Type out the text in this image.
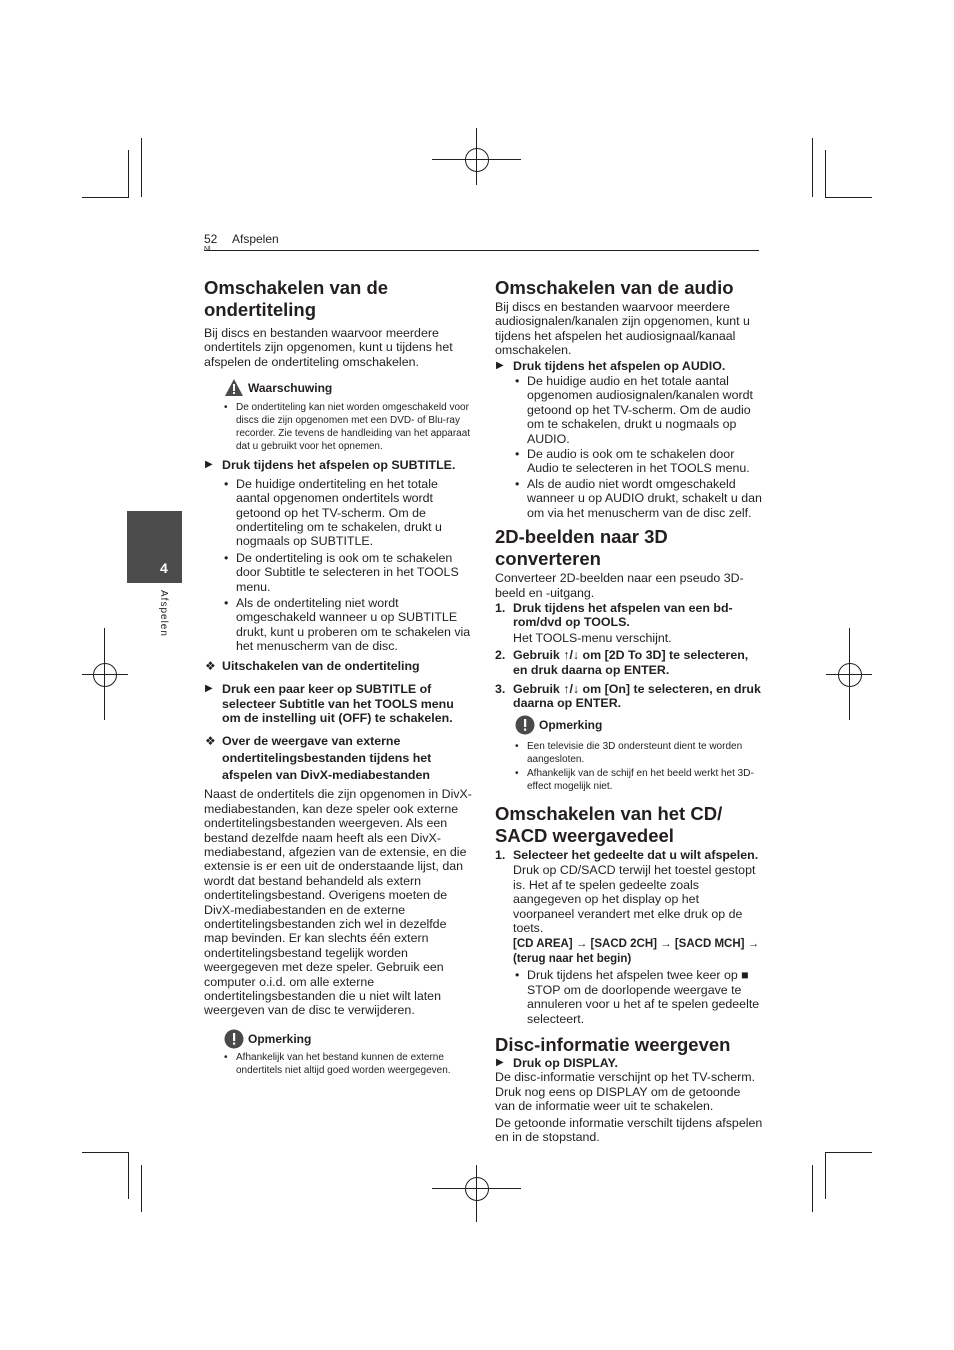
52 Afspelen
4
Afspelen
Omschakelen van de ondertiteling

Bij discs en bestanden waarvoor meerdere ondertitels zijn opgenomen, kunt u tijdens het afspelen de ondertiteling omschakelen.

Waarschuwing
• De ondertiteling kan niet worden omgeschakeld voor discs die zijn opgenomen met een DVD- of Blu-ray recorder. Zie tevens de handleiding van het apparaat dat u gebruikt voor het opnemen.

▶ Druk tijdens het afspelen op SUBTITLE.

• De huidige ondertiteling en het totale aantal opgenomen ondertitels wordt getoond op het TV-scherm. Om de ondertiteling om te schakelen, drukt u nogmaals op SUBTITLE.
• De ondertiteling is ook om te schakelen door Subtitle te selecteren in het TOOLS menu.
• Als de ondertiteling niet wordt omgeschakeld wanneer u op SUBTITLE drukt, kunt u proberen om te schakelen via het menuscherm van de disc.

❖ Uitschakelen van de ondertiteling

▶ Druk een paar keer op SUBTITLE of selecteer Subtitle van het TOOLS menu om de instelling uit (OFF) te schakelen.

❖ Over de weergave van externe ondertitelingsbestanden tijdens het afspelen van DivX-mediabestanden

Naast de ondertitels die zijn opgenomen in DivX-mediabestanden, kan deze speler ook externe ondertitelingsbestanden weergeven. Als een bestand dezelfde naam heeft als een DivX-mediabestand, afgezien van de extensie, en die extensie is er een uit de onderstaande lijst, dan wordt dat bestand behandeld als extern ondertitelingsbestand. Overigens moeten de DivX-mediabestanden en de externe ondertitelingsbestanden zich wel in dezelfde map bevinden. Er kan slechts één extern ondertitelingsbestand tegelijk worden weergegeven met deze speler. Gebruik een computer o.i.d. om alle externe ondertitelingsbestanden die u niet wilt laten weergeven van de disc te verwijderen.

Opmerking
• Afhankelijk van het bestand kunnen de externe ondertitels niet altijd goed worden weergegeven.
Omschakelen van de audio

Bij discs en bestanden waarvoor meerdere audiosignalen/kanalen zijn opgenomen, kunt u tijdens het afspelen het audiosignaal/kanaal omschakelen.

▶ Druk tijdens het afspelen op AUDIO.

• De huidige audio en het totale aantal opgenomen audiosignalen/kanalen wordt getoond op het TV-scherm. Om de audio om te schakelen, drukt u nogmaals op AUDIO.
• De audio is ook om te schakelen door Audio te selecteren in het TOOLS menu.
• Als de audio niet wordt omgeschakeld wanneer u op AUDIO drukt, schakelt u dan om via het menuscherm van de disc zelf.
2D-beelden naar 3D converteren

Converteer 2D-beelden naar een pseudo 3D-beeld en -uitgang.

1. Druk tijdens het afspelen van een bd-rom/dvd op TOOLS.

Het TOOLS-menu verschijnt.

2. Gebruik ↑/↓ om [2D To 3D] te selecteren, en druk daarna op ENTER.

3. Gebruik ↑/↓ om [On] te selecteren, en druk daarna op ENTER.

Opmerking
• Een televisie die 3D ondersteunt dient te worden aangesloten.
• Afhankelijk van de schijf en het beeld werkt het 3D-effect mogelijk niet.
Omschakelen van het CD/ SACD weergavedeel

1. Selecteer het gedeelte dat u wilt afspelen.

Druk op CD/SACD terwijl het toestel gestopt is. Het af te spelen gedeelte zoals aangegeven op het display op het voorpaneel verandert met elke druk op de toets.

[CD AREA] → [SACD 2CH] → [SACD MCH] → (terug naar het begin)

• Druk tijdens het afspelen twee keer op ■ STOP om de doorlopende weergave te annuleren voor u het af te spelen gedeelte selecteert.
Disc-informatie weergeven

▶ Druk op DISPLAY.

De disc-informatie verschijnt op het TV-scherm. Druk nog eens op DISPLAY om de getoonde van de informatie weer uit te schakelen.

De getoonde informatie verschilt tijdens afspelen en in de stopstand.
